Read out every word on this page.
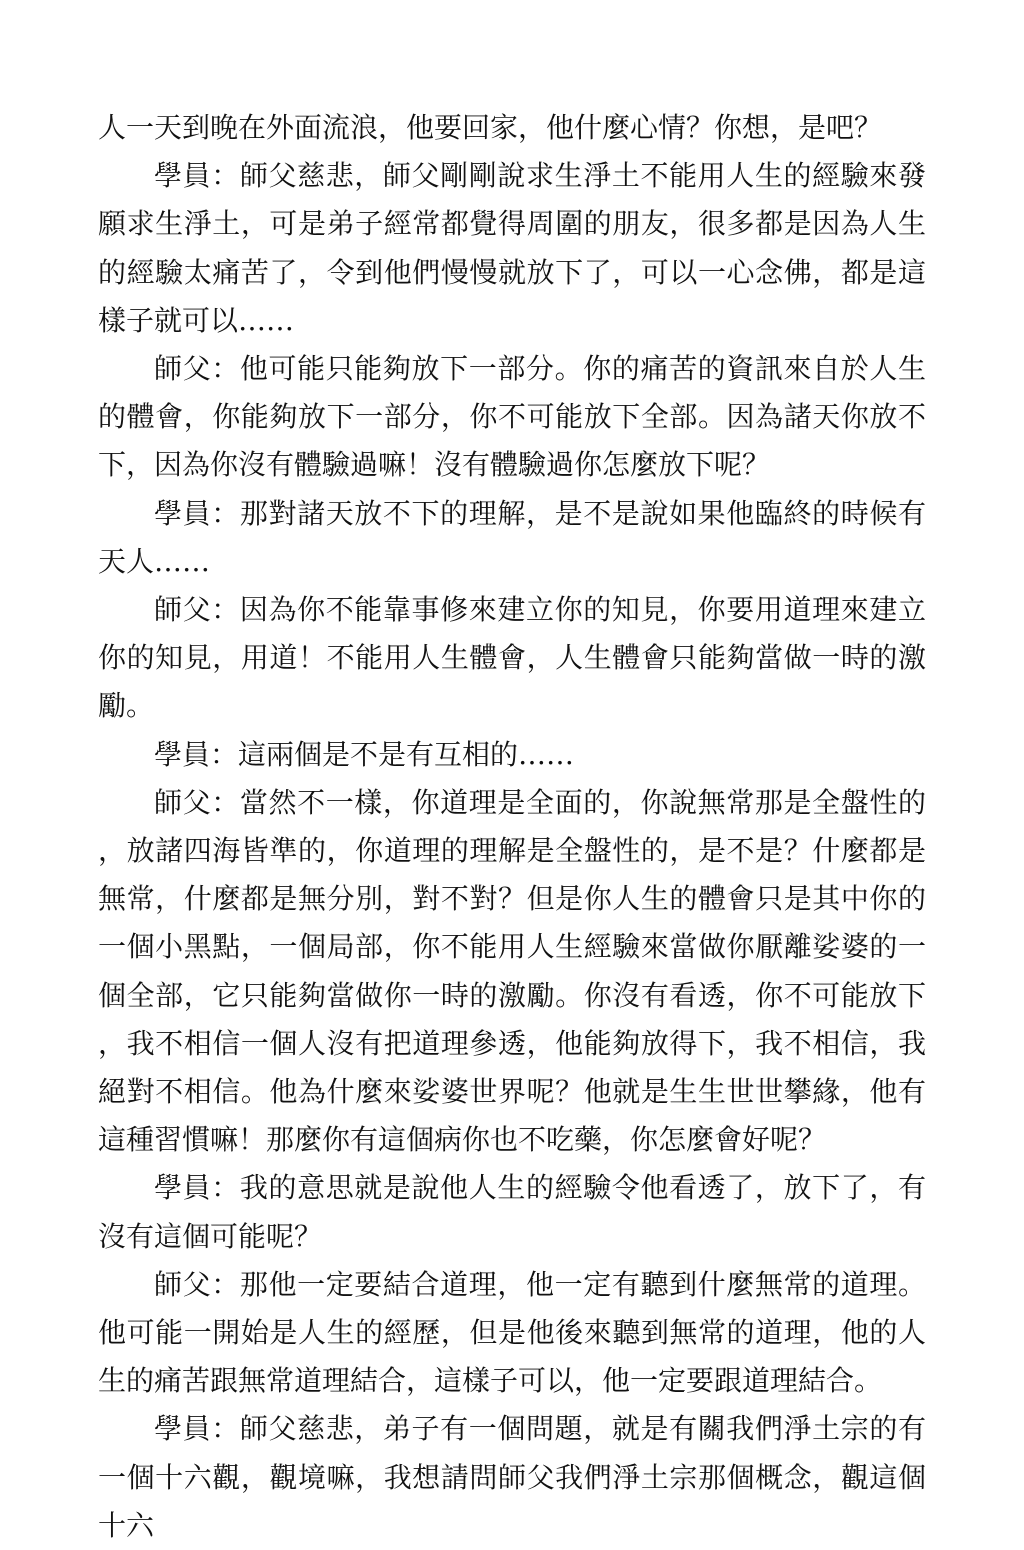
人一天到晚在外面流浪，他要回家，他什麼心情？你想，是吧？

學員：師父慈悲，師父剛剛說求生淨土不能用人生的經驗來發願求生淨土，可是弟子經常都覺得周圍的朋友，很多都是因為人生的經驗太痛苦了，令到他們慢慢就放下了，可以一心念佛，都是這樣子就可以……

師父：他可能只能夠放下一部分。你的痛苦的資訊來自於人生的體會，你能夠放下一部分，你不可能放下全部。因為諸天你放不下，因為你沒有體驗過嘛！沒有體驗過你怎麼放下呢？

學員：那對諸天放不下的理解，是不是說如果他臨終的時候有天人……

師父：因為你不能靠事修來建立你的知見，你要用道理來建立你的知見，用道！不能用人生體會，人生體會只能夠當做一時的激勵。

學員：這兩個是不是有互相的……

師父：當然不一樣，你道理是全面的，你說無常那是全盤性的，放諸四海皆準的，你道理的理解是全盤性的，是不是？什麼都是無常，什麼都是無分別，對不對？但是你人生的體會只是其中你的一個小黑點，一個局部，你不能用人生經驗來當做你厭離娑婆的一個全部，它只能夠當做你一時的激勵。你沒有看透，你不可能放下，我不相信一個人沒有把道理參透，他能夠放得下，我不相信，我絕對不相信。他為什麼來娑婆世界呢？他就是生生世世攀緣，他有這種習慣嘛！那麼你有這個病你也不吃藥，你怎麼會好呢？

學員：我的意思就是說他人生的經驗令他看透了，放下了，有沒有這個可能呢？

師父：那他一定要結合道理，他一定有聽到什麼無常的道理。他可能一開始是人生的經歷，但是他後來聽到無常的道理，他的人生的痛苦跟無常道理結合，這樣子可以，他一定要跟道理結合。

學員：師父慈悲，弟子有一個問題，就是有關我們淨土宗的有一個十六觀，觀境嘛，我想請問師父我們淨土宗那個概念，觀這個十六
